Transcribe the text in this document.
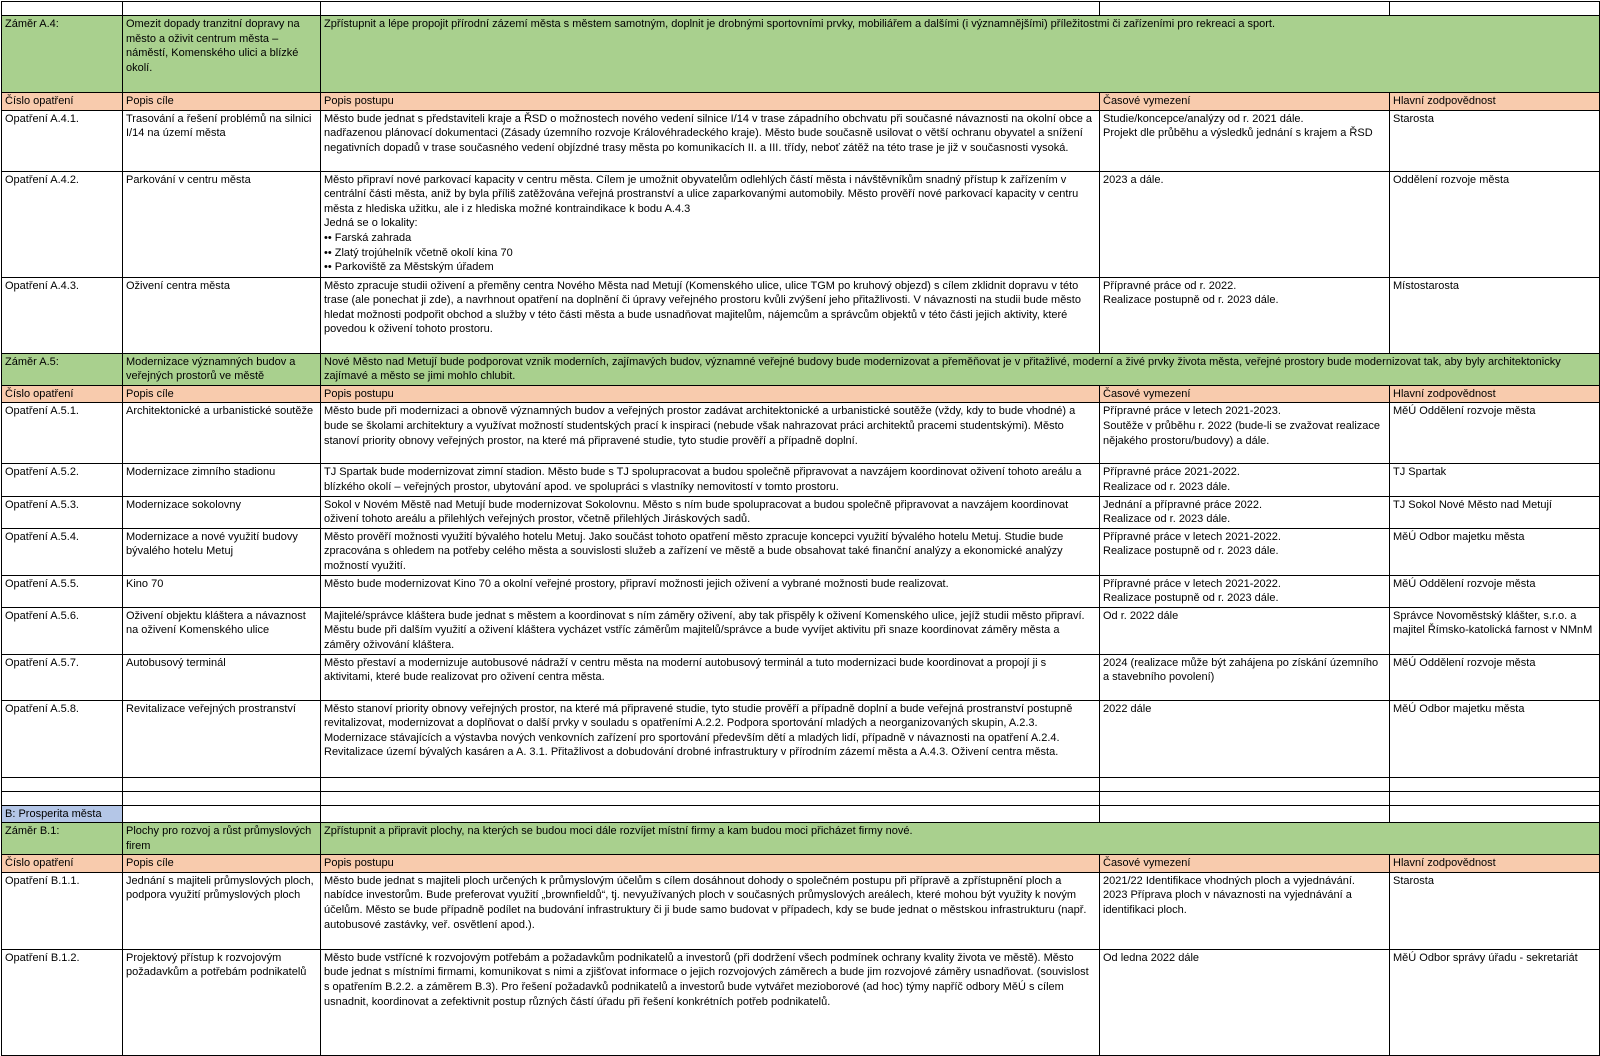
Záměr A.4:	Omezit dopady tranzitní dopravy na město a oživit centrum města – náměstí, Komenského ulici a blízké okolí.	Zpřístupnit a lépe propojit přírodní zázemí města s městem samotným, doplnit je drobnými sportovními prvky, mobiliářem a dalšími (i významnějšími) příležitostmi či zařízeními pro rekreaci a sport.		
Číslo opatření	Popis cíle	Popis postupu	Časové vymezení	Hlavní zodpovědnost
Opatření A.4.1.	Trasování a řešení problémů na silnici I/14 na území města	Město bude jednat s představiteli kraje a ŘSD o možnostech nového vedení silnice I/14 v trase západního obchvatu při současné návaznosti na okolní obce a nadřazenou plánovací dokumentaci (Zásady územního rozvoje Královéhradeckého kraje). Město bude současně usilovat o větší ochranu obyvatel a snížení negativních dopadů v trase současného vedení objízdné trasy města po komunikacích II. a III. třídy, neboť zátěž na této trase je již v současnosti vysoká.	Studie/koncepce/analýzy od r. 2021 dále.
Projekt dle průběhu a výsledků jednání s krajem a ŘSD	Starosta
Opatření A.4.2.	Parkování v centru města	Město připraví nové parkovací kapacity v centru města. Cílem je umožnit obyvatelům odlehlých částí města i návštěvníkům snadný přístup k zařízením v centrální části města, aniž by byla příliš zatěžována veřejná prostranství a ulice zaparkovanými automobily. Město prověří nové parkovací kapacity v centru města z hlediska užitku, ale i z hlediska možné kontraindikace k bodu A.4.3
Jedná se o lokality:
•• Farská zahrada
•• Zlatý trojúhelník včetně okolí kina 70
•• Parkoviště za Městským úřadem	2023 a dále.	Oddělení rozvoje města
Opatření A.4.3.	Oživení centra města	Město zpracuje studii oživení a přeměny centra Nového Města nad Metují (Komenského ulice, ulice TGM po kruhový objezd) s cílem zklidnit dopravu v této trase (ale ponechat ji zde), a navrhnout opatření na doplnění či úpravy veřejného prostoru kvůli zvýšení jeho přitažlivosti. V návaznosti na studii bude město hledat možnosti podpořit obchod a služby v této části města a bude usnadňovat majitelům, nájemcům a správcům objektů v této části jejich aktivity, které povedou k oživení tohoto prostoru.	Přípravné práce od r. 2022.
Realizace postupně od r. 2023 dále.	Místostarosta
Záměr A.5:	Modernizace významných budov a veřejných prostorů ve městě	Nové Město nad Metují bude podporovat vznik moderních, zajímavých budov, významné veřejné budovy bude modernizovat a přeměňovat je v přitažlivé, moderní a živé prvky života města, veřejné prostory bude modernizovat tak, aby byly architektonicky zajímavé a město se jimi mohlo chlubit.		
Číslo opatření	Popis cíle	Popis postupu	Časové vymezení	Hlavní zodpovědnost
Opatření A.5.1.	Architektonické a urbanistické soutěže	Město bude při modernizaci a obnově významných budov a veřejných prostor zadávat architektonické a urbanistické soutěže (vždy, kdy to bude vhodné) a bude se školami architektury a využívat možností studentských prací k inspiraci (nebude však nahrazovat práci architektů pracemi studentskými). Město stanoví priority obnovy veřejných prostor, na které má připravené studie, tyto studie prověří a případně doplní.	Přípravné práce v letech 2021-2023.
Soutěže v průběhu r. 2022 (bude-li se zvažovat realizace nějakého prostoru/budovy) a dále.	MěÚ Oddělení rozvoje města
Opatření A.5.2.	Modernizace zimního stadionu	TJ Spartak bude modernizovat zimní stadion. Město bude s TJ spolupracovat a budou společně připravovat a navzájem koordinovat oživení tohoto areálu a blízkého okolí – veřejných prostor, ubytování apod. ve spolupráci s vlastníky nemovitostí v tomto prostoru.	Přípravné práce 2021-2022.
Realizace od r. 2023 dále.	TJ Spartak
Opatření A.5.3.	Modernizace sokolovny	Sokol v Novém Městě nad Metují bude modernizovat Sokolovnu. Město s ním bude spolupracovat a budou společně připravovat a navzájem koordinovat oživení tohoto areálu a přilehlých veřejných prostor, včetně přilehlých Jiráskových sadů.	Jednání a přípravné práce 2022.
Realizace od r. 2023 dále.	TJ Sokol Nové Město nad Metují
Opatření A.5.4.	Modernizace a nové využití budovy bývalého hotelu Metuj	Město prověří možnosti využití bývalého hotelu Metuj. Jako součást tohoto opatření město zpracuje koncepci využití bývalého hotelu Metuj. Studie bude zpracována s ohledem na potřeby celého města a souvislosti služeb a zařízení ve městě a bude obsahovat také finanční analýzy a ekonomické analýzy možností využití.	Přípravné práce v letech 2021-2022.
Realizace postupně od r. 2023 dále.	MěÚ Odbor majetku města
Opatření A.5.5.	Kino 70	Město bude modernizovat Kino 70 a okolní veřejné prostory, připraví možnosti jejich oživení a vybrané možnosti bude realizovat.	Přípravné práce v letech 2021-2022.
Realizace postupně od r. 2023 dále.	MěÚ Oddělení rozvoje města
Opatření A.5.6.	Oživení objektu kláštera a návaznost na oživení Komenského ulice	Majitelé/správce kláštera bude jednat s městem a koordinovat s ním záměry oživení, aby tak přispěly k oživení Komenského ulice, jejíž studii město připraví. Městu bude při dalším využití a oživení kláštera vycházet vstříc záměrům majitelů/správce a bude vyvíjet aktivitu při snaze koordinovat záměry města a záměry oživování kláštera.	Od r. 2022 dále	Správce Novoměstský klášter, s.r.o. a majitel Římsko-katolická farnost v NMnM
Opatření A.5.7.	Autobusový terminál	Město přestaví a modernizuje autobusové nádraží v centru města na moderní autobusový terminál a tuto modernizaci bude koordinovat a propojí ji s aktivitami, které bude realizovat pro oživení centra města.	2024 (realizace může být zahájena po získání územního a stavebního povolení)	MěÚ Oddělení rozvoje města
Opatření A.5.8.	Revitalizace veřejných prostranství	Město stanoví priority obnovy veřejných prostor, na které má připravené studie, tyto studie prověří a případně doplní a bude veřejná prostranství postupně revitalizovat, modernizovat a doplňovat o další prvky v souladu s opatřeními A.2.2. Podpora sportování mladých a neorganizovaných skupin, A.2.3. Modernizace stávajících a výstavba nových venkovních zařízení pro sportování především dětí a mladých lidí, případně v návaznosti na opatření A.2.4. Revitalizace území bývalých kasáren a A. 3.1. Přitažlivost a dobudování drobné infrastruktury v přírodním zázemí města a A.4.3. Oživení centra města.	2022 dále	MěÚ Odbor majetku města

B: Prosperita města				
Záměr B.1:	Plochy pro rozvoj a růst průmyslových firem	Zpřístupnit a připravit plochy, na kterých se budou moci dále rozvíjet místní firmy a kam budou moci přicházet firmy nové.		
Číslo opatření	Popis cíle	Popis postupu	Časové vymezení	Hlavní zodpovědnost
Opatření B.1.1.	Jednání s majiteli průmyslových ploch, podpora využití průmyslových ploch	Město bude jednat s majiteli ploch určených k průmyslovým účelům s cílem dosáhnout dohody o společném postupu při přípravě a zpřístupnění ploch a nabídce investorům. Bude preferovat využití „brownfieldů“, tj. nevyužívaných ploch v současných průmyslových areálech, které mohou být využity k novým účelům. Město se bude případně podílet na budování infrastruktury či ji bude samo budovat v případech, kdy se bude jednat o městskou infrastrukturu (např. autobusové zastávky, veř. osvětlení apod.).	2021/22 Identifikace vhodných ploch a vyjednávání.
2023 Příprava ploch v návaznosti na vyjednávání a identifikaci ploch.	Starosta
Opatření B.1.2.	Projektový přístup k rozvojovým požadavkům a potřebám podnikatelů	Město bude vstřícné k rozvojovým potřebám a požadavkům podnikatelů a investorů (při dodržení všech podmínek ochrany kvality života ve městě). Město bude jednat s místními firmami, komunikovat s nimi a zjišťovat informace o jejich rozvojových záměrech a bude jim rozvojové záměry usnadňovat. (souvislost s opatřením B.2.2. a záměrem B.3). Pro řešení požadavků podnikatelů a investorů bude vytvářet mezioborové (ad hoc) týmy napříč odbory MěÚ s cílem usnadnit, koordinovat a zefektivnit postup různých částí úřadu při řešení konkrétních potřeb podnikatelů.	Od ledna 2022 dále	MěÚ Odbor správy úřadu - sekretariát
